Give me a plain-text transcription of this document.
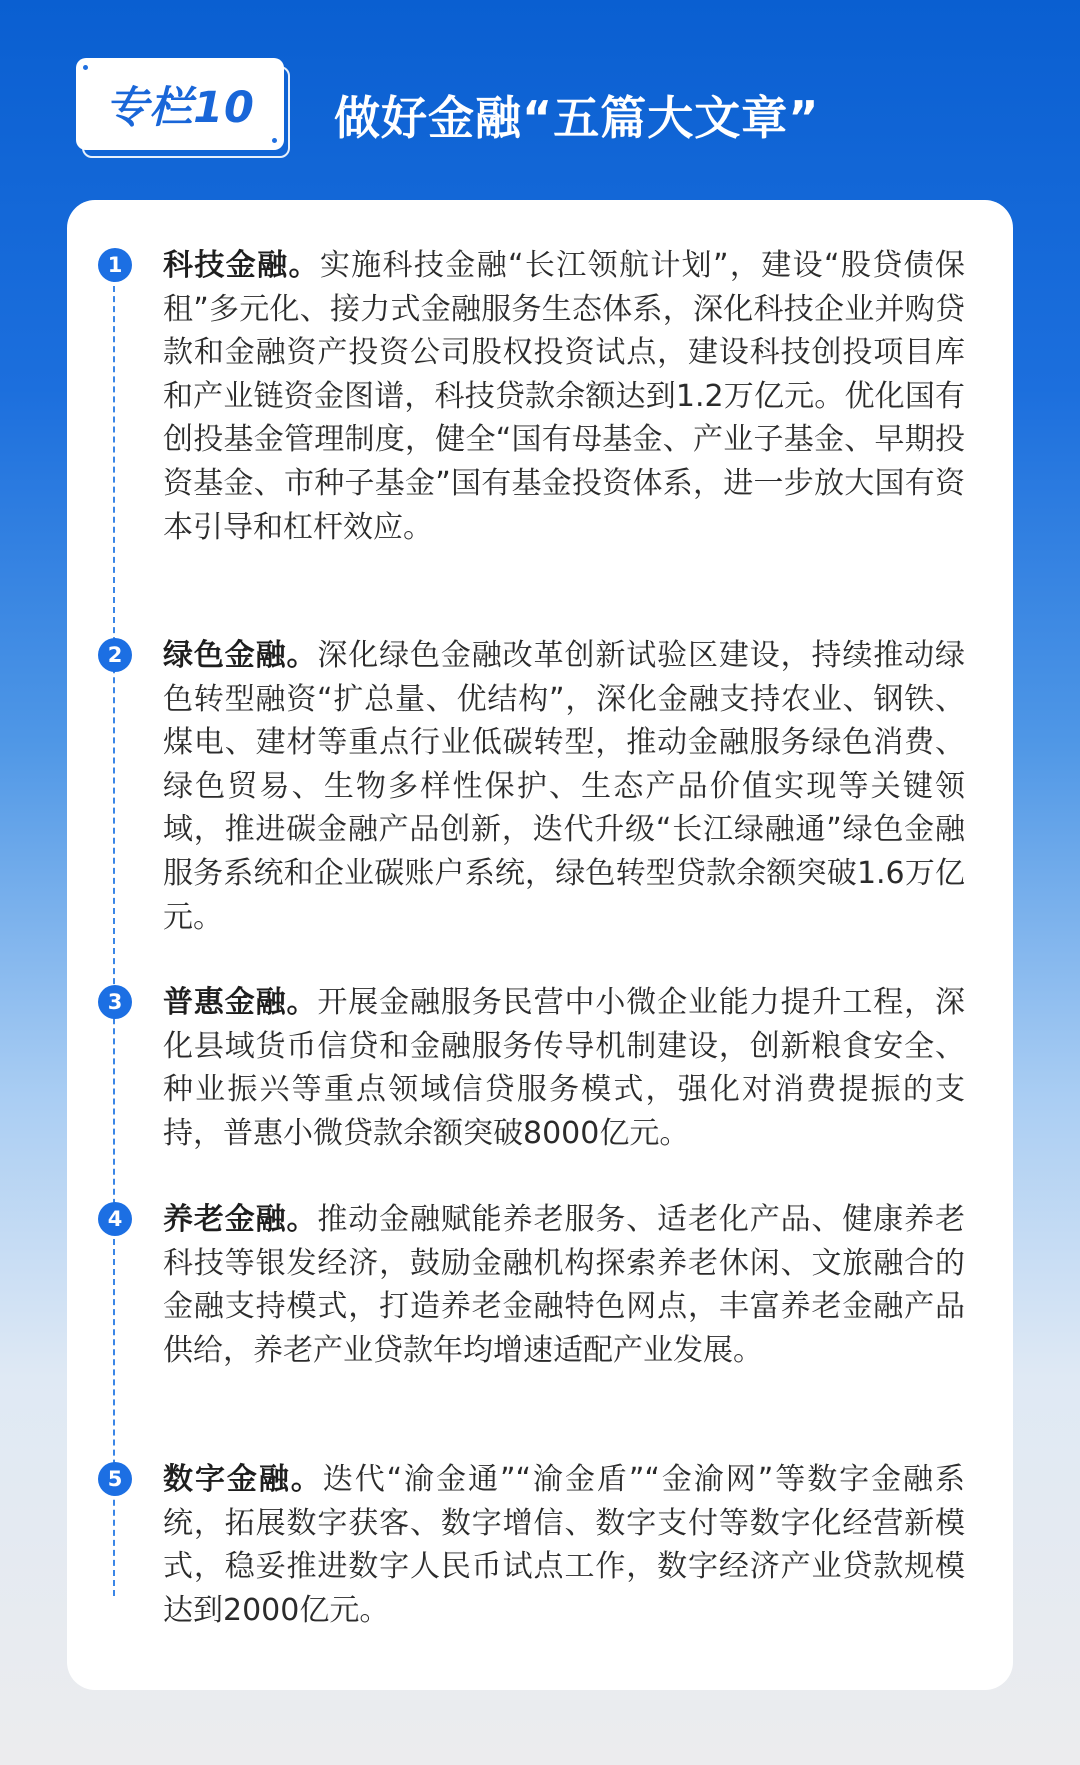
专栏10 做好金融“五篇大文章”
1	科技金融。实施科技金融“长江领航计划”，建设“股贷债保租”多元化、接力式金融服务生态体系，深化科技企业并购贷款和金融资产投资公司股权投资试点，建设科技创投项目库和产业链资金图谱，科技贷款余额达到1.2万亿元。优化国有创投基金管理制度，健全“国有母基金、产业子基金、早期投资基金、市种子基金”国有基金投资体系，进一步放大国有资本引导和杠杆效应。
2	绿色金融。深化绿色金融改革创新试验区建设，持续推动绿色转型融资“扩总量、优结构”，深化金融支持农业、钢铁、煤电、建材等重点行业低碳转型，推动金融服务绿色消费、绿色贸易、生物多样性保护、生态产品价值实现等关键领域，推进碳金融产品创新，迭代升级“长江绿融通”绿色金融服务系统和企业碳账户系统，绿色转型贷款余额突破1.6万亿元。
3	普惠金融。开展金融服务民营中小微企业能力提升工程，深化县域货币信贷和金融服务传导机制建设，创新粮食安全、种业振兴等重点领域信贷服务模式，强化对消费提振的支持，普惠小微贷款余额突破8000亿元。
4	养老金融。推动金融赋能养老服务、适老化产品、健康养老科技等银发经济，鼓励金融机构探索养老休闲、文旅融合的金融支持模式，打造养老金融特色网点，丰富养老金融产品供给，养老产业贷款年均增速适配产业发展。
5	数字金融。迭代“渝金通”“渝金盾”“金渝网”等数字金融系统，拓展数字获客、数字增信、数字支付等数字化经营新模式，稳妥推进数字人民币试点工作，数字经济产业贷款规模达到2000亿元。
